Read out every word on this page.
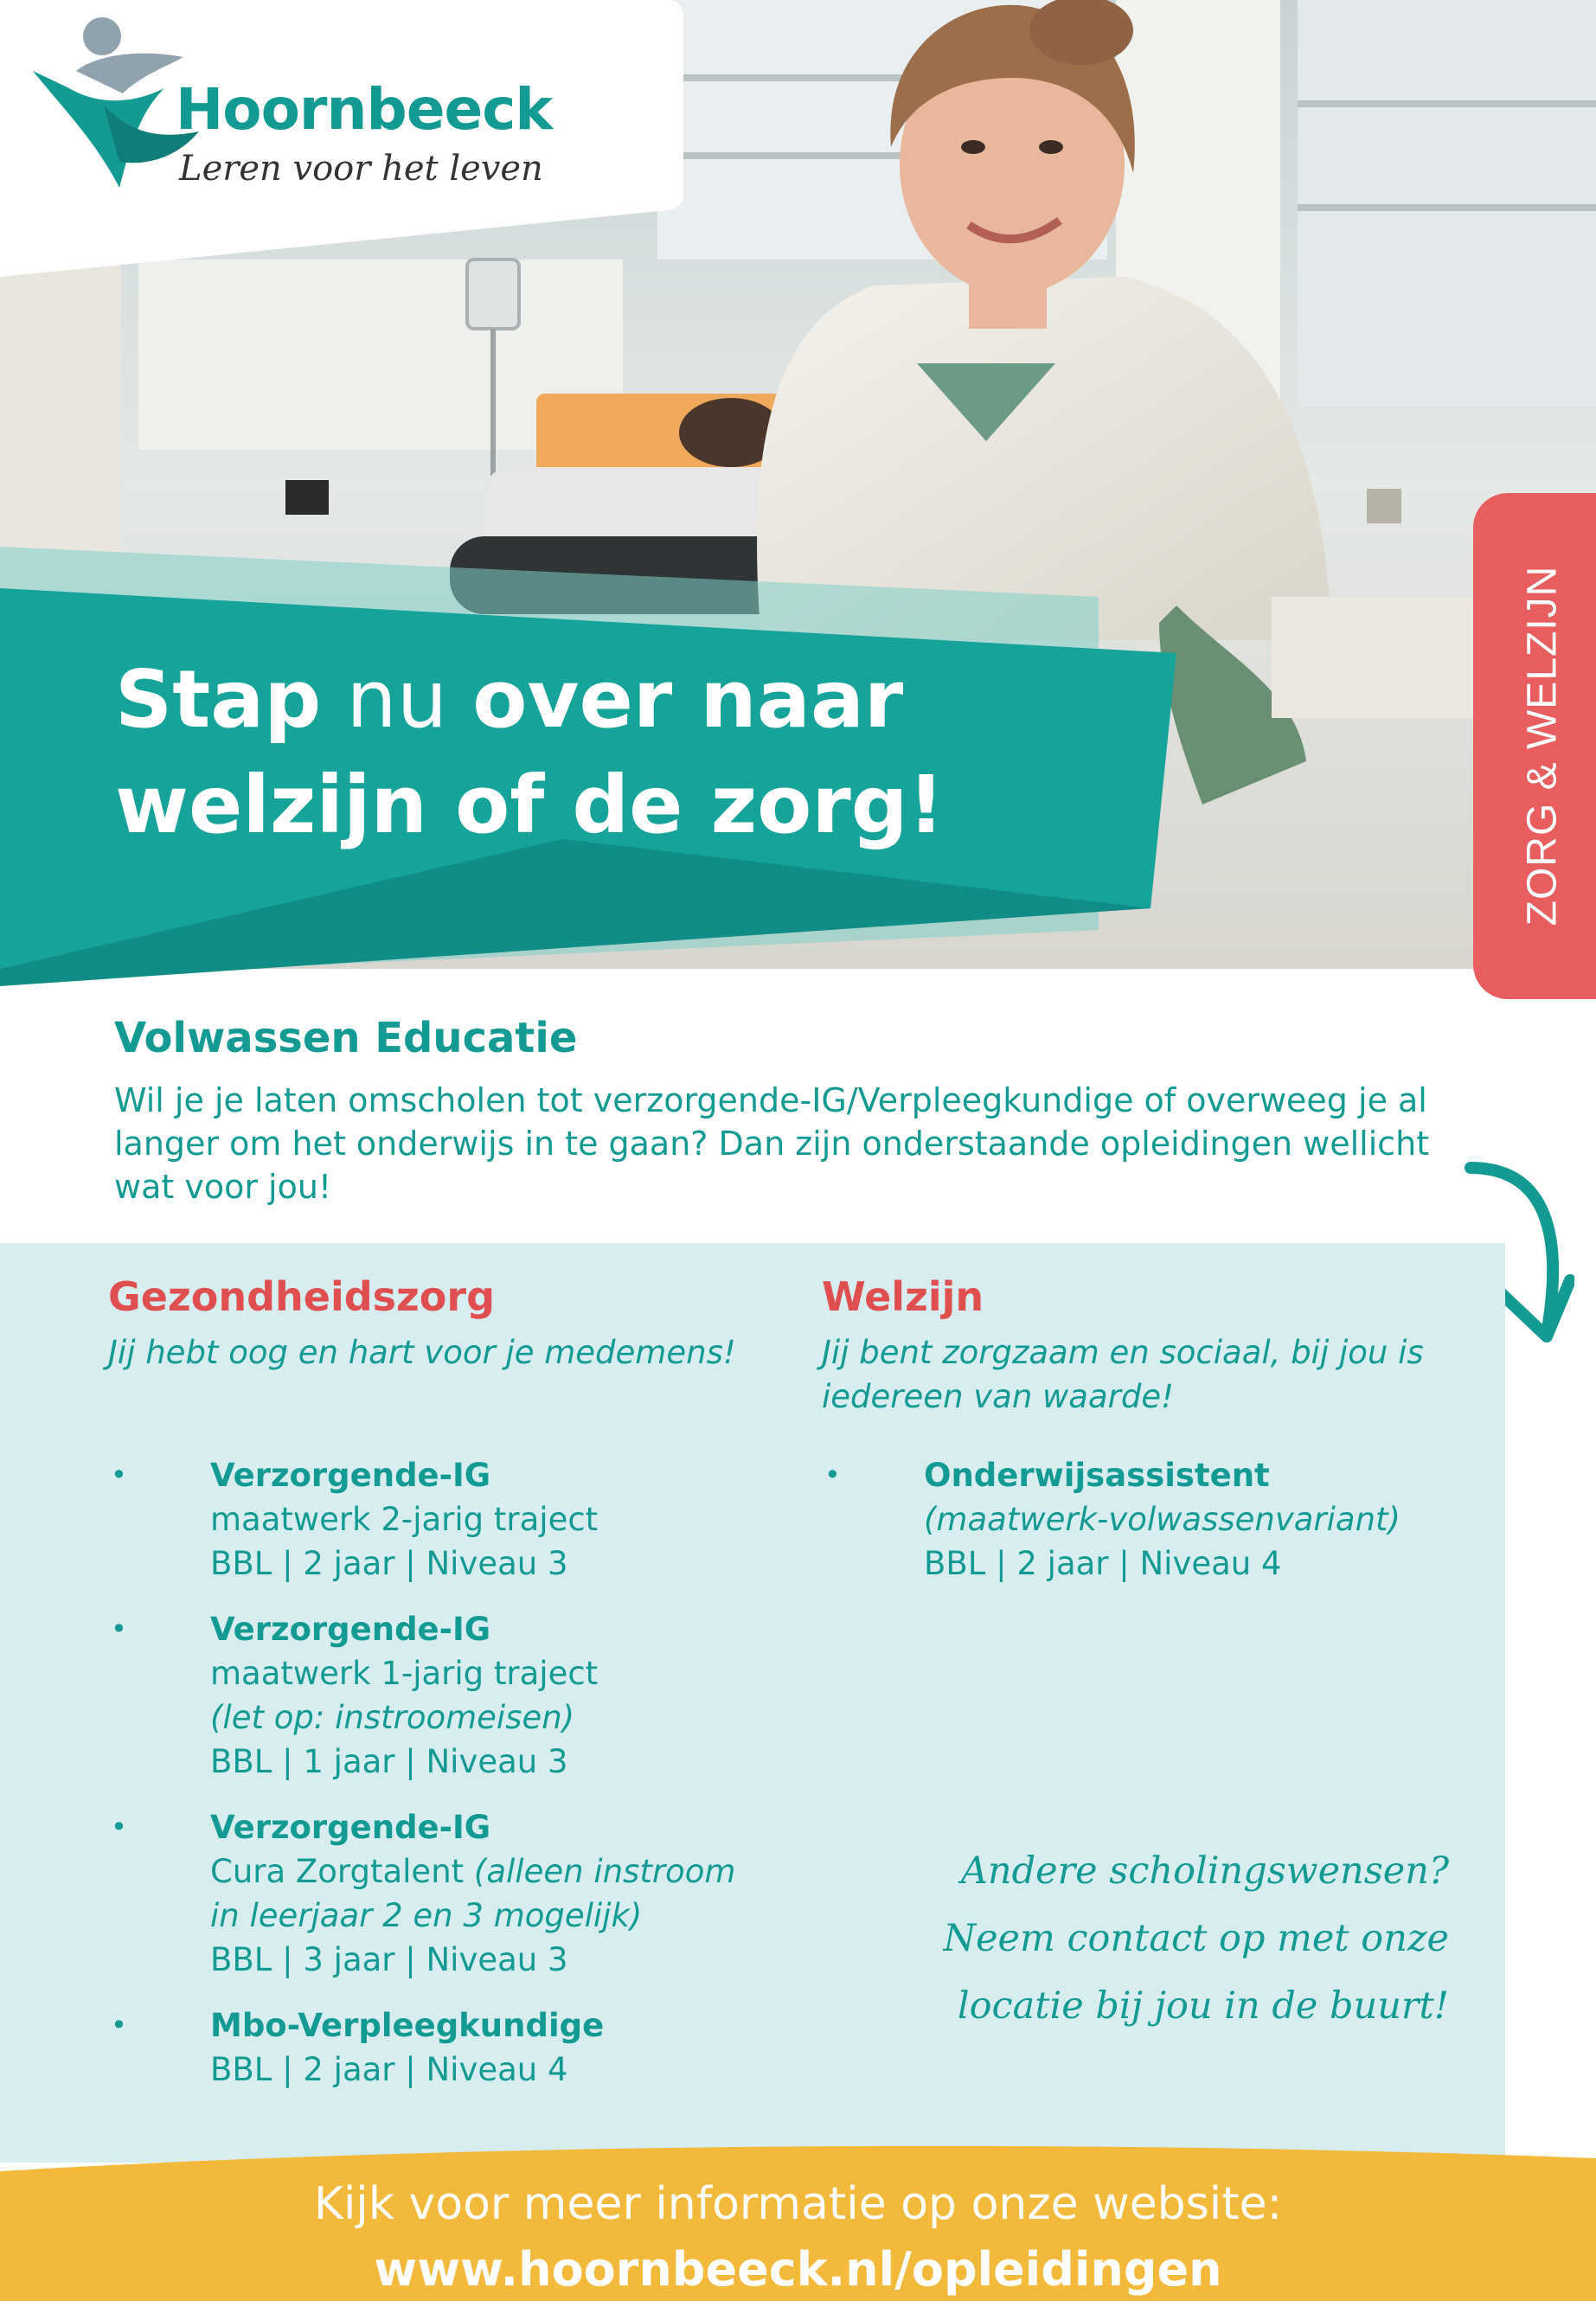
Hoornbeeck
Leren voor het leven
Stap nu over naar
welzijn of de zorg!	ZORG & WELZIJN
Volwassen Educatie

Wil je je laten omscholen tot verzorgende-IG/Verpleegkundige of overweeg je al langer om het onderwijs in te gaan? Dan zijn onderstaande opleidingen wellicht wat voor jou!

Gezondheidszorg

Jij hebt oog en hart voor je medemens!

•	Verzorgende-IG
maatwerk 2-jarig traject
BBL | 2 jaar | Niveau 3
•	Verzorgende-IG
maatwerk 1-jarig traject
(let op: instroomeisen)
BBL | 1 jaar | Niveau 3
•	Verzorgende-IG
Cura Zorgtalent (alleen instroom
in leerjaar 2 en 3 mogelijk)
BBL | 3 jaar | Niveau 3
•	Mbo-Verpleegkundige
BBL | 2 jaar | Niveau 4
Welzijn

Jij bent zorgzaam en sociaal, bij jou is iedereen van waarde!

•	Onderwijsassistent
(maatwerk-volwassenvariant)
BBL | 2 jaar | Niveau 4

Andere scholingswensen?
Neem contact op met onze
locatie bij jou in de buurt!

Kijk voor meer informatie op onze website:
www.hoornbeeck.nl/opleidingen
